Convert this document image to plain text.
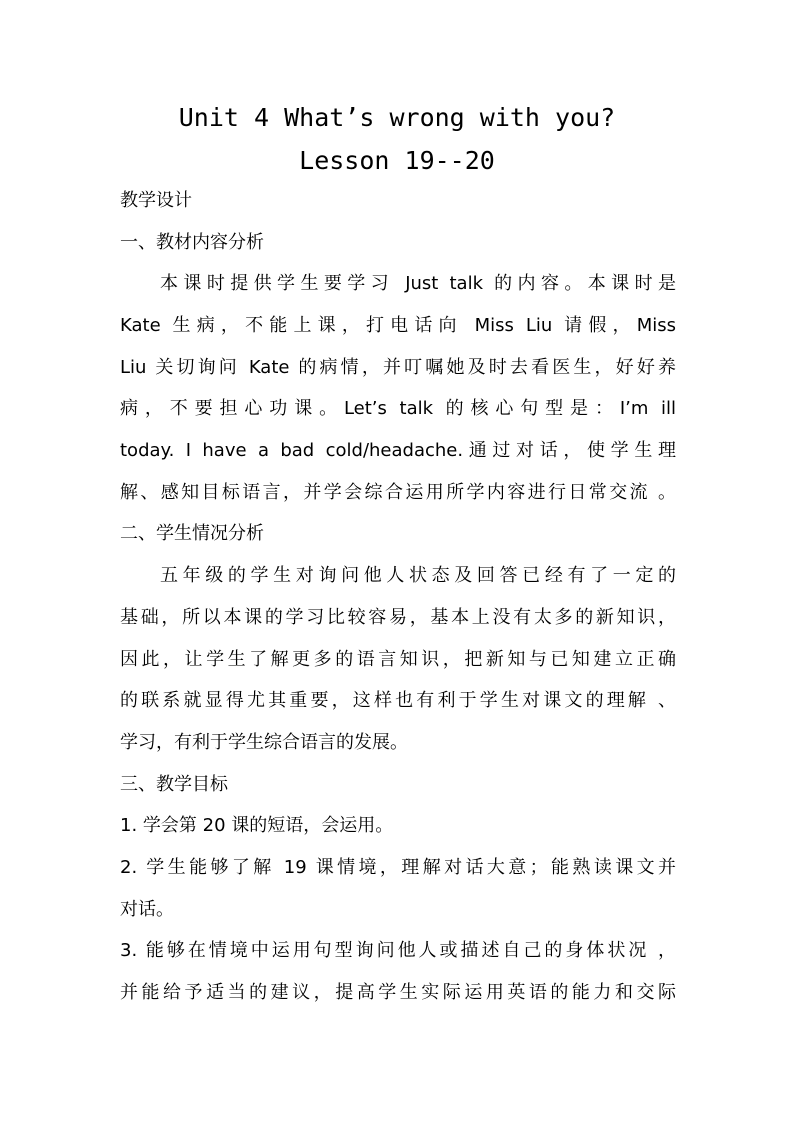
Unit 4 What’s wrong with you?
Lesson 19--20
教学设计
一、教材内容分析
本课时提供学生要学习 Just talk 的内容。本课时是
Kate 生病，不能上课，打电话向 Miss Liu 请假，Miss
Liu 关切询问 Kate 的病情，并叮嘱她及时去看医生，好好养
病，不要担心功课。Let’s talk 的核心句型是：I’m ill
today. I have a bad cold/headache.通过对话，使学生理
解、感知目标语言，并学会综合运用所学内容进行日常交流 。
二、学生情况分析
五年级的学生对询问他人状态及回答已经有了一定的
基础，所以本课的学习比较容易，基本上没有太多的新知识，
因此，让学生了解更多的语言知识，把新知与已知建立正确
的联系就显得尤其重要，这样也有利于学生对课文的理解 、
学习，有利于学生综合语言的发展。
三、教学目标
1. 学会第 20 课的短语，会运用。
2. 学生能够了解 19 课情境，理解对话大意；能熟读课文并
对话。
3. 能够在情境中运用句型询问他人或描述自己的身体状况 ，
并能给予适当的建议，提高学生实际运用英语的能力和交际
